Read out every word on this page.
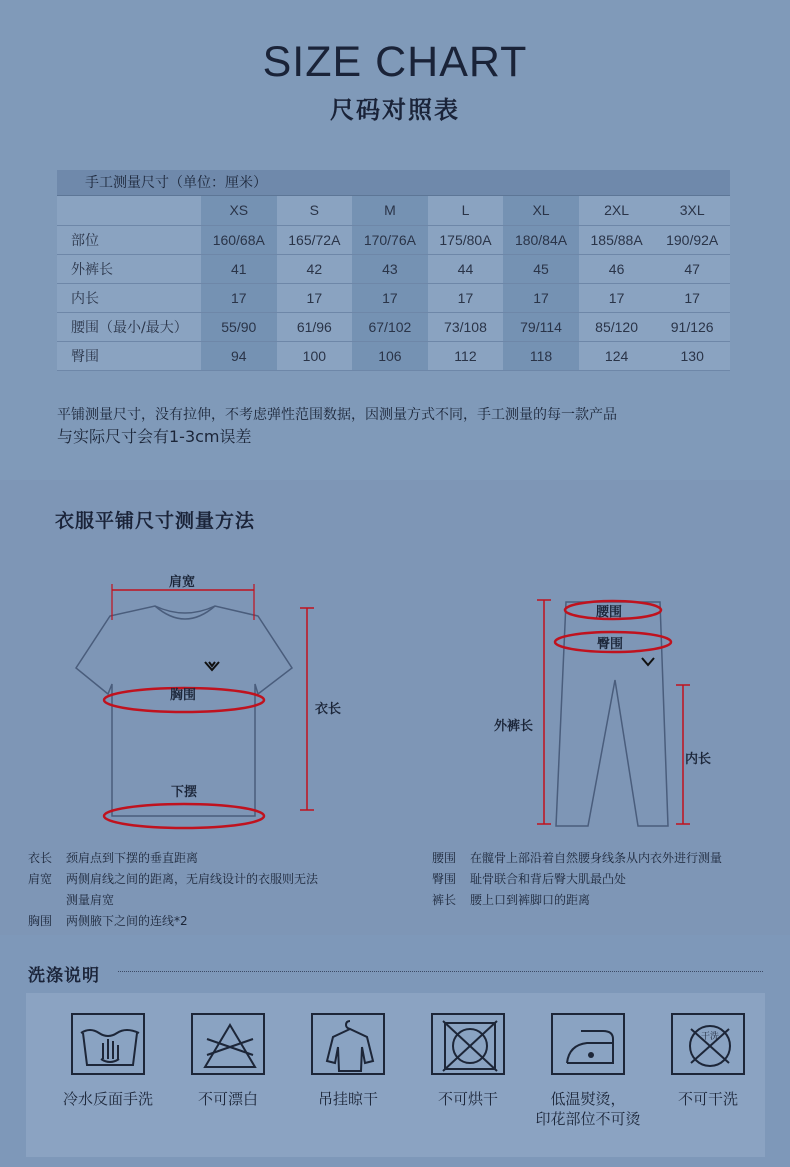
SIZE CHART
尺码对照表
手工测量尺寸（单位：厘米）
	XS	S	M	L	XL	2XL	3XL
部位	160/68A	165/72A	170/76A	175/80A	180/84A	185/88A	190/92A
外裤长	41	42	43	44	45	46	47
内长	17	17	17	17	17	17	17
腰围（最小/最大）	55/90	61/96	67/102	73/108	79/114	85/120	91/126
臀围	94	100	106	112	118	124	130
平铺测量尺寸，没有拉伸，不考虑弹性范围数据，因测量方式不同，手工测量的每一款产品
与实际尺寸会有1-3cm误差
衣服平铺尺寸测量方法
肩宽
胸围
下摆
衣长
腰围
臀围
外裤长
内长
衣长 颈肩点到下摆的垂直距离
肩宽 两侧肩线之间的距离，无肩线设计的衣服则无法
测量肩宽
胸围 两侧腋下之间的连线*2
腰围 在髋骨上部沿着自然腰身线条从内衣外进行测量
臀围 耻骨联合和背后臀大肌最凸处
裤长 腰上口到裤脚口的距离
洗涤说明
冷水反面手洗	不可漂白	吊挂晾干	不可烘干	低温熨烫，
印花部位不可烫
干洗
不可干洗
